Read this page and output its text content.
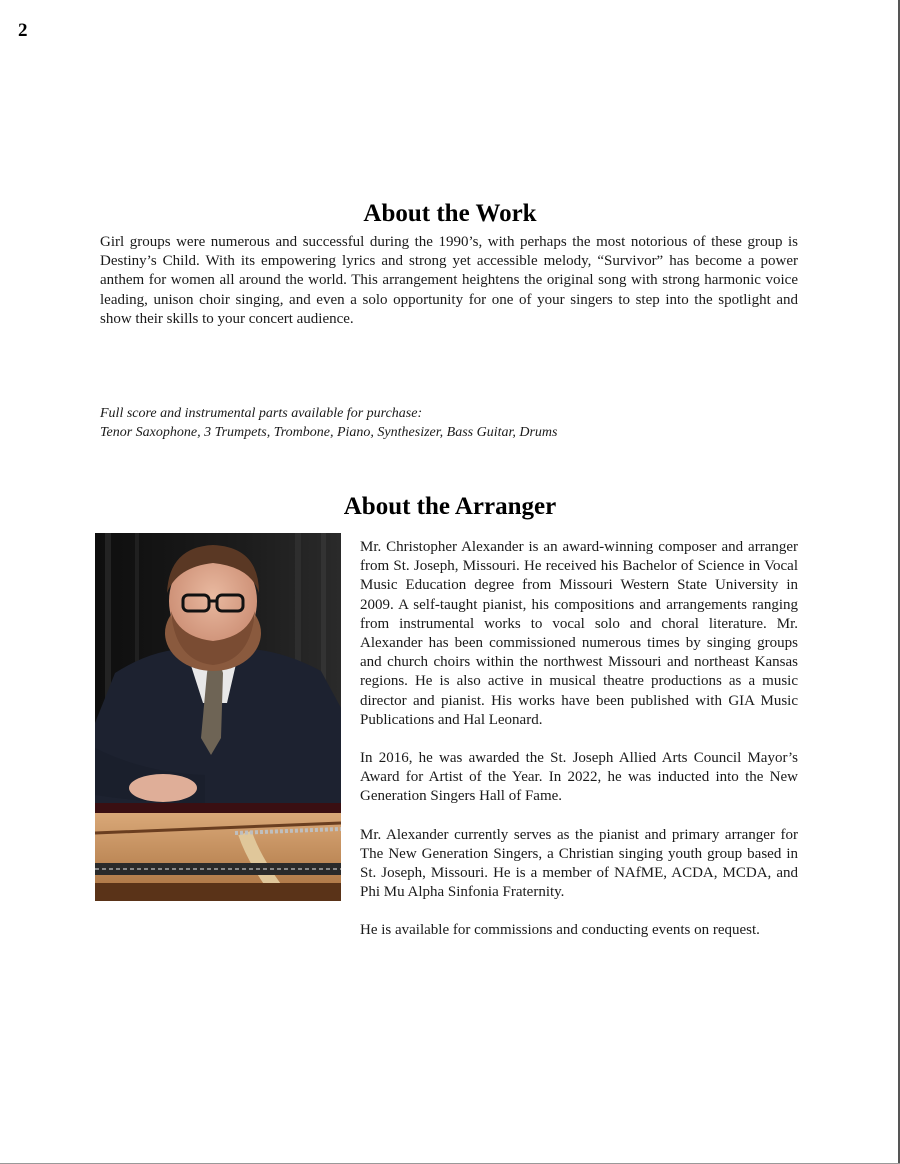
2
About the Work

Girl groups were numerous and successful during the 1990’s, with perhaps the most notorious of these group is Destiny’s Child. With its empowering lyrics and strong yet accessible melody, “Survivor” has become a power anthem for women all around the world. This arrangement heightens the original song with strong harmonic voice leading, unison choir singing, and even a solo opportunity for one of your singers to step into the spotlight and show their skills to your concert audience.

Full score and instrumental parts available for purchase:
Tenor Saxophone, 3 Trumpets, Trombone, Piano, Synthesizer, Bass Guitar, Drums
About the Arranger

Mr. Christopher Alexander is an award-winning composer and arranger from St. Joseph, Missouri. He received his Bachelor of Science in Vocal Music Education degree from Missouri Western State University in 2009. A self-taught pianist, his compositions and arrangements ranging from instrumental works to vocal solo and choral literature. Mr. Alexander has been commissioned numerous times by singing groups and church choirs within the northwest Missouri and northeast Kansas regions. He is also active in musical theatre productions as a music director and pianist. His works have been published with GIA Music Publications and Hal Leonard.

In 2016, he was awarded the St. Joseph Allied Arts Council Mayor’s Award for Artist of the Year. In 2022, he was inducted into the New Generation Singers Hall of Fame.

Mr. Alexander currently serves as the pianist and primary arranger for The New Generation Singers, a Christian singing youth group based in St. Joseph, Missouri. He is a member of NAfME, ACDA, MCDA, and Phi Mu Alpha Sinfonia Fraternity.

He is available for commissions and conducting events on request.
